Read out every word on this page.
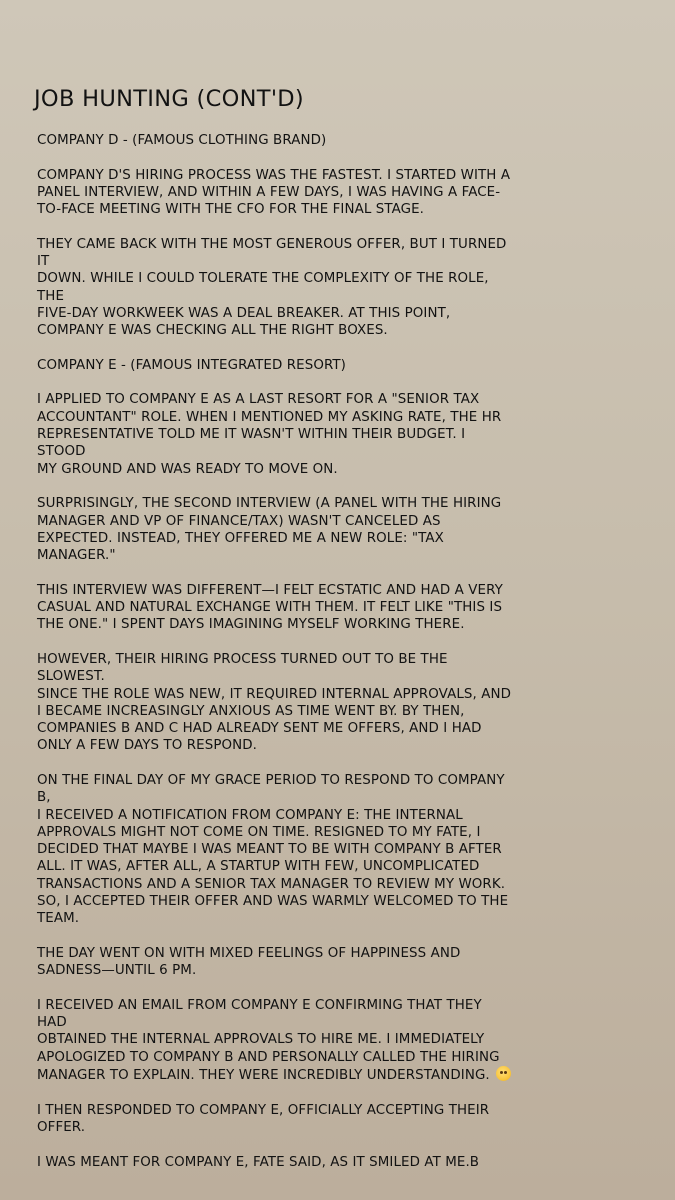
JOB HUNTING (CONT'D)

COMPANY D - (FAMOUS CLOTHING BRAND)

COMPANY D'S HIRING PROCESS WAS THE FASTEST. I STARTED WITH A
PANEL INTERVIEW, AND WITHIN A FEW DAYS, I WAS HAVING A FACE-
TO-FACE MEETING WITH THE CFO FOR THE FINAL STAGE.

THEY CAME BACK WITH THE MOST GENEROUS OFFER, BUT I TURNED IT
DOWN. WHILE I COULD TOLERATE THE COMPLEXITY OF THE ROLE, THE
FIVE-DAY WORKWEEK WAS A DEAL BREAKER. AT THIS POINT,
COMPANY E WAS CHECKING ALL THE RIGHT BOXES.

COMPANY E - (FAMOUS INTEGRATED RESORT)

I APPLIED TO COMPANY E AS A LAST RESORT FOR A "SENIOR TAX
ACCOUNTANT" ROLE. WHEN I MENTIONED MY ASKING RATE, THE HR
REPRESENTATIVE TOLD ME IT WASN'T WITHIN THEIR BUDGET. I STOOD
MY GROUND AND WAS READY TO MOVE ON.

SURPRISINGLY, THE SECOND INTERVIEW (A PANEL WITH THE HIRING
MANAGER AND VP OF FINANCE/TAX) WASN'T CANCELED AS
EXPECTED. INSTEAD, THEY OFFERED ME A NEW ROLE: "TAX
MANAGER."

THIS INTERVIEW WAS DIFFERENT—I FELT ECSTATIC AND HAD A VERY
CASUAL AND NATURAL EXCHANGE WITH THEM. IT FELT LIKE "THIS IS
THE ONE." I SPENT DAYS IMAGINING MYSELF WORKING THERE.

HOWEVER, THEIR HIRING PROCESS TURNED OUT TO BE THE SLOWEST.
SINCE THE ROLE WAS NEW, IT REQUIRED INTERNAL APPROVALS, AND
I BECAME INCREASINGLY ANXIOUS AS TIME WENT BY. BY THEN,
COMPANIES B AND C HAD ALREADY SENT ME OFFERS, AND I HAD
ONLY A FEW DAYS TO RESPOND.

ON THE FINAL DAY OF MY GRACE PERIOD TO RESPOND TO COMPANY B,
I RECEIVED A NOTIFICATION FROM COMPANY E: THE INTERNAL
APPROVALS MIGHT NOT COME ON TIME. RESIGNED TO MY FATE, I
DECIDED THAT MAYBE I WAS MEANT TO BE WITH COMPANY B AFTER
ALL. IT WAS, AFTER ALL, A STARTUP WITH FEW, UNCOMPLICATED
TRANSACTIONS AND A SENIOR TAX MANAGER TO REVIEW MY WORK.
SO, I ACCEPTED THEIR OFFER AND WAS WARMLY WELCOMED TO THE
TEAM.

THE DAY WENT ON WITH MIXED FEELINGS OF HAPPINESS AND
SADNESS—UNTIL 6 PM.

I RECEIVED AN EMAIL FROM COMPANY E CONFIRMING THAT THEY HAD
OBTAINED THE INTERNAL APPROVALS TO HIRE ME. I IMMEDIATELY
APOLOGIZED TO COMPANY B AND PERSONALLY CALLED THE HIRING
MANAGER TO EXPLAIN. THEY WERE INCREDIBLY UNDERSTANDING.

I THEN RESPONDED TO COMPANY E, OFFICIALLY ACCEPTING THEIR
OFFER.

I WAS MEANT FOR COMPANY E, FATE SAID, AS IT SMILED AT ME.B
